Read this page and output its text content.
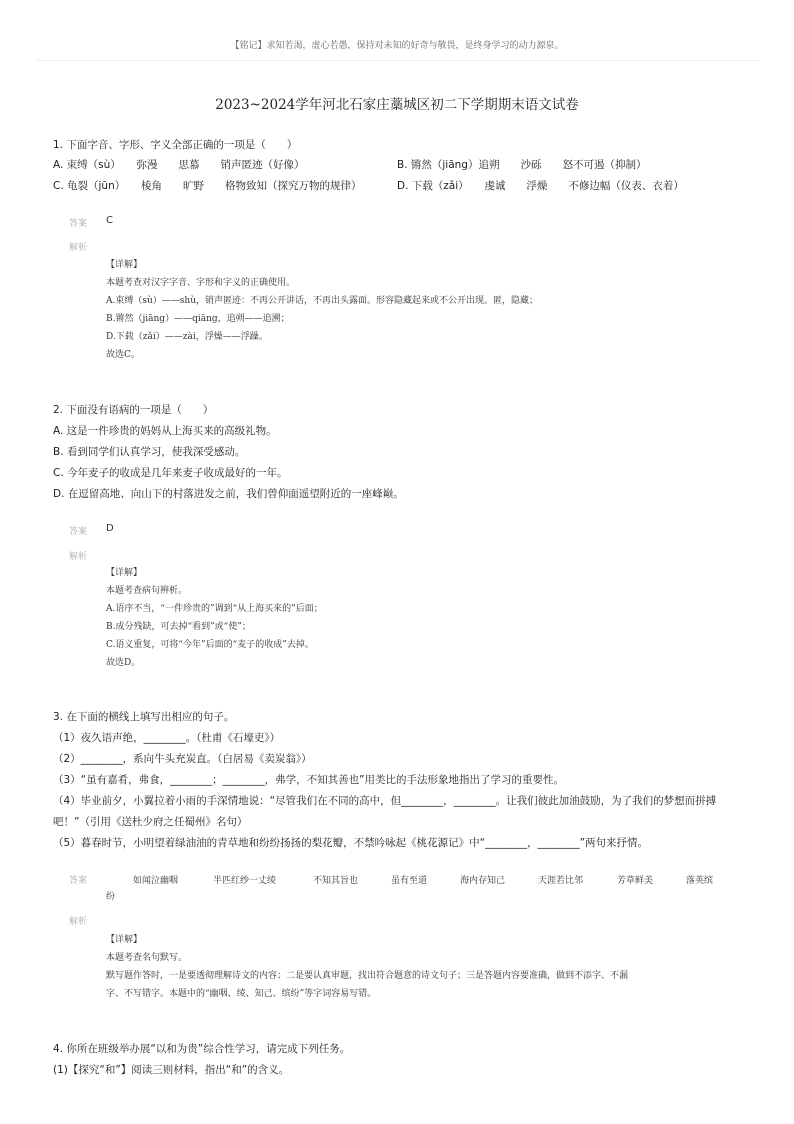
【铭记】求知若渴，虚心若愚，保持对未知的好奇与敬畏，是终身学习的动力源泉。
2023~2024学年河北石家庄藁城区初二下学期期末语文试卷
1. 下面字音、字形、字义全部正确的一项是（　　）
A. 束缚（sù）　　弥漫　　思慕　　销声匿迹（好像）	B. 锵然（jiāng）追朔　　沙砾　　怒不可遏（抑制）
C. 龟裂（jūn）　　棱角　　旷野　　格物致知（探究万物的规律）	D. 下载（zǎi）　　虔诚　　浮燥　　不修边幅（仪表、衣着）
答案 C
解析
【详解】
本题考查对汉字字音、字形和字义的正确使用。
A.束缚（sù）——shù，销声匿迹：不再公开讲话，不再出头露面。形容隐藏起来或不公开出现。匿，隐藏；
B.锵然（jiāng）——qiāng，追朔——追溯；
D.下载（zǎi）——zài，浮燥——浮躁。
故选C。
2. 下面没有语病的一项是（　　）
A. 这是一件珍贵的妈妈从上海买来的高级礼物。
B. 看到同学们认真学习，使我深受感动。
C. 今年麦子的收成是几年来麦子收成最好的一年。
D. 在逗留高地、向山下的村落进发之前，我们曾仰面遥望附近的一座峰巅。
答案 D
解析
【详解】
本题考查病句辨析。
A.语序不当，“一件珍贵的”调到“从上海买来的”后面；
B.成分残缺，可去掉“看到”或“使”；
C.语义重复，可将“今年”后面的“麦子的收成”去掉。
故选D。
3. 在下面的横线上填写出相应的句子。
（1）夜久语声绝，________。（杜甫《石壕吏》）
（2）________，系向牛头充炭直。（白居易《卖炭翁》）
（3）“虽有嘉肴，弗食，________；________，弗学，不知其善也”用类比的手法形象地指出了学习的重要性。
（4）毕业前夕，小翼拉着小雨的手深情地说：“尽管我们在不同的高中，但________，________。让我们彼此加油鼓励，为了我们的梦想而拼搏
吧！”（引用《送杜少府之任蜀州》名句）
（5）暮春时节，小明望着绿油油的青草地和纷纷扬扬的梨花瓣，不禁吟咏起《桃花源记》中“________，________”两句来抒情。
答案	如闻泣幽咽	半匹红纱一丈绫	不知其旨也	虽有至道	海内存知己	天涯若比邻	芳草鲜美	落英缤
纷
解析
【详解】
本题考查名句默写。
默写题作答时，一是要透彻理解诗文的内容；二是要认真审题，找出符合题意的诗文句子；三是答题内容要准确，做到不添字、不漏
字、不写错字。本题中的“幽咽、绫、知己、缤纷”等字词容易写错。
4. 你所在班级举办展“以和为贵”综合性学习，请完成下列任务。
(1)【探究“和”】阅读三则材料，指出“和”的含义。
